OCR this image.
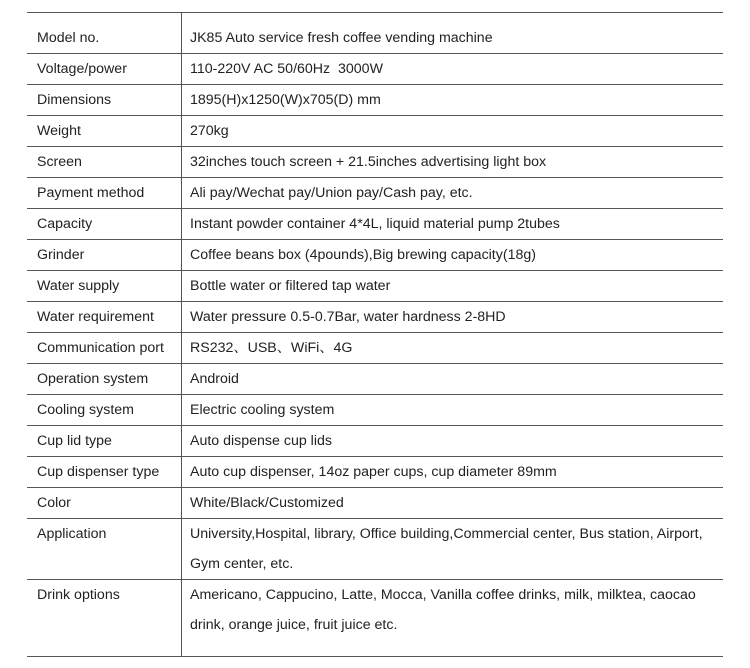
Model no.	JK85 Auto service fresh coffee vending machine
Voltage/power	110-220V AC 50/60Hz  3000W
Dimensions	1895(H)x1250(W)x705(D) mm
Weight	270kg
Screen	32inches touch screen + 21.5inches advertising light box
Payment method	Ali pay/Wechat pay/Union pay/Cash pay, etc.
Capacity	Instant powder container 4*4L, liquid material pump 2tubes
Grinder	Coffee beans box (4pounds),Big brewing capacity(18g)
Water supply	Bottle water or filtered tap water
Water requirement	Water pressure 0.5-0.7Bar, water hardness 2-8HD
Communication port	RS232、USB、WiFi、4G
Operation system	Android
Cooling system	Electric cooling system
Cup lid type	Auto dispense cup lids
Cup dispenser type	Auto cup dispenser, 14oz paper cups, cup diameter 89mm
Color	White/Black/Customized
Application	University,Hospital, library, Office building,Commercial center, Bus station, Airport, Gym center, etc.
Drink options	Americano, Cappucino, Latte, Mocca, Vanilla coffee drinks, milk, milktea, caocao drink, orange juice, fruit juice etc.
